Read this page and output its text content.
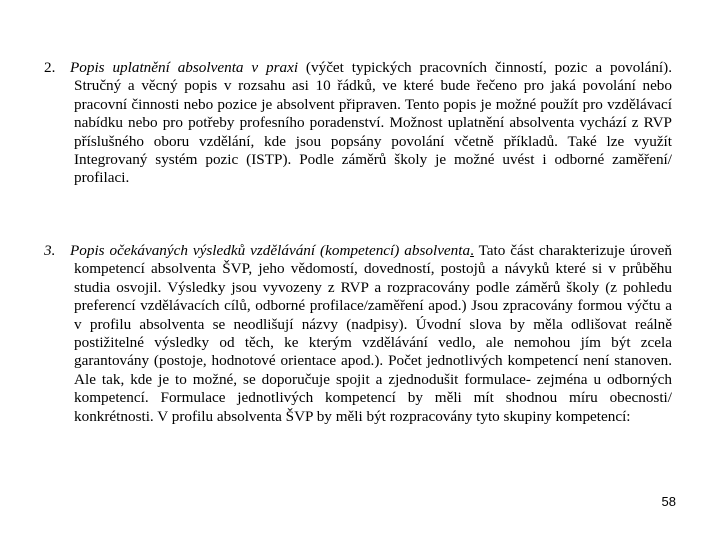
2. Popis uplatnění absolventa v praxi (výčet typických pracovních činností, pozic a povolání). Stručný a věcný popis v rozsahu asi 10 řádků, ve které bude řečeno pro jaká povolání nebo pracovní činnosti nebo pozice je absolvent připraven. Tento popis je možné použít pro vzdělávací nabídku nebo pro potřeby profesního poradenství. Možnost uplatnění absolventa vychází z RVP příslušného oboru vzdělání, kde jsou popsány povolání včetně příkladů. Také lze využít Integrovaný systém pozic (ISTP). Podle záměrů školy je možné uvést i odborné zaměření/ profilaci.
3. Popis očekávaných výsledků vzdělávání (kompetencí) absolventa. Tato část charakterizuje úroveň kompetencí absolventa ŠVP, jeho vědomostí, dovedností, postojů a návyků které si v průběhu studia osvojil. Výsledky jsou vyvozeny z RVP a rozpracovány podle záměrů školy (z pohledu preferencí vzdělávacích cílů, odborné profilace/zaměření apod.) Jsou zpracovány formou výčtu a v profilu absolventa se neodlišují názvy (nadpisy). Úvodní slova by měla odlišovat reálně postižitelné výsledky od těch, ke kterým vzdělávání vedlo, ale nemohou jím být zcela garantovány (postoje, hodnotové orientace apod.). Počet jednotlivých kompetencí není stanoven. Ale tak, kde je to možné, se doporučuje spojit a zjednodušit formulace- zejména u odborných kompetencí. Formulace jednotlivých kompetencí by měli mít shodnou míru obecnosti/ konkrétnosti. V profilu absolventa ŠVP by měli být rozpracovány tyto skupiny kompetencí:
58
